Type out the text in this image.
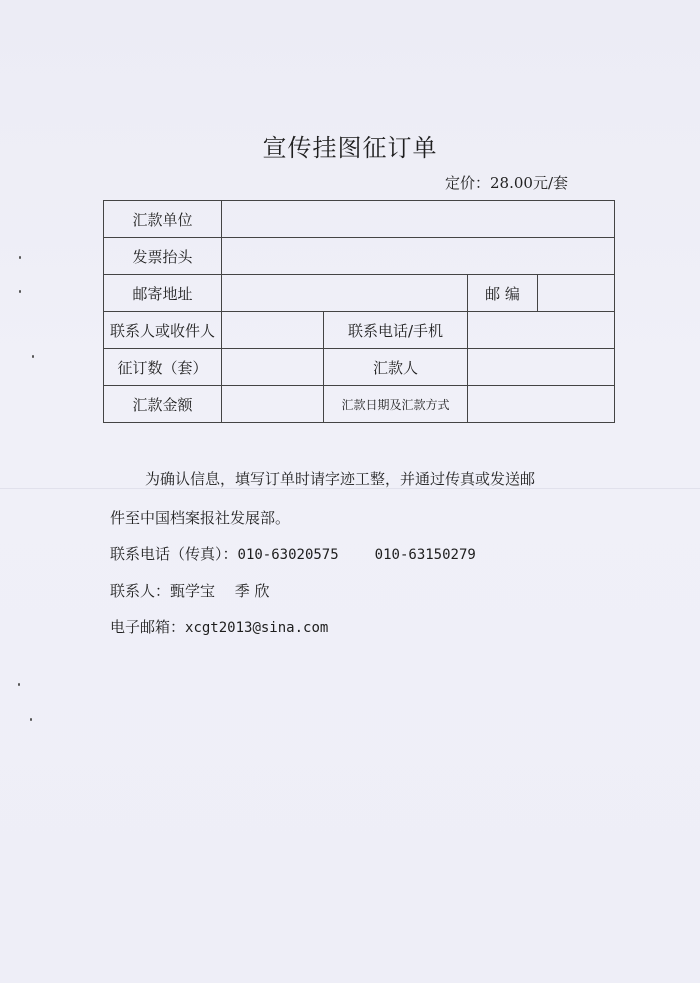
宣传挂图征订单
定价：28.00元/套
汇款单位				
发票抬头				
邮寄地址			邮 编	
联系人或收件人		联系电话/手机		
征订数（套）		汇款人		
汇款金额		汇款日期及汇款方式		
为确认信息，填写订单时请字迹工整，并通过传真或发送邮
件至中国档案报社发展部。
联系电话（传真）：010-63020575	010-63150279
联系人：甄学宝　 季 欣
电子邮箱：xcgt2013@sina.com
